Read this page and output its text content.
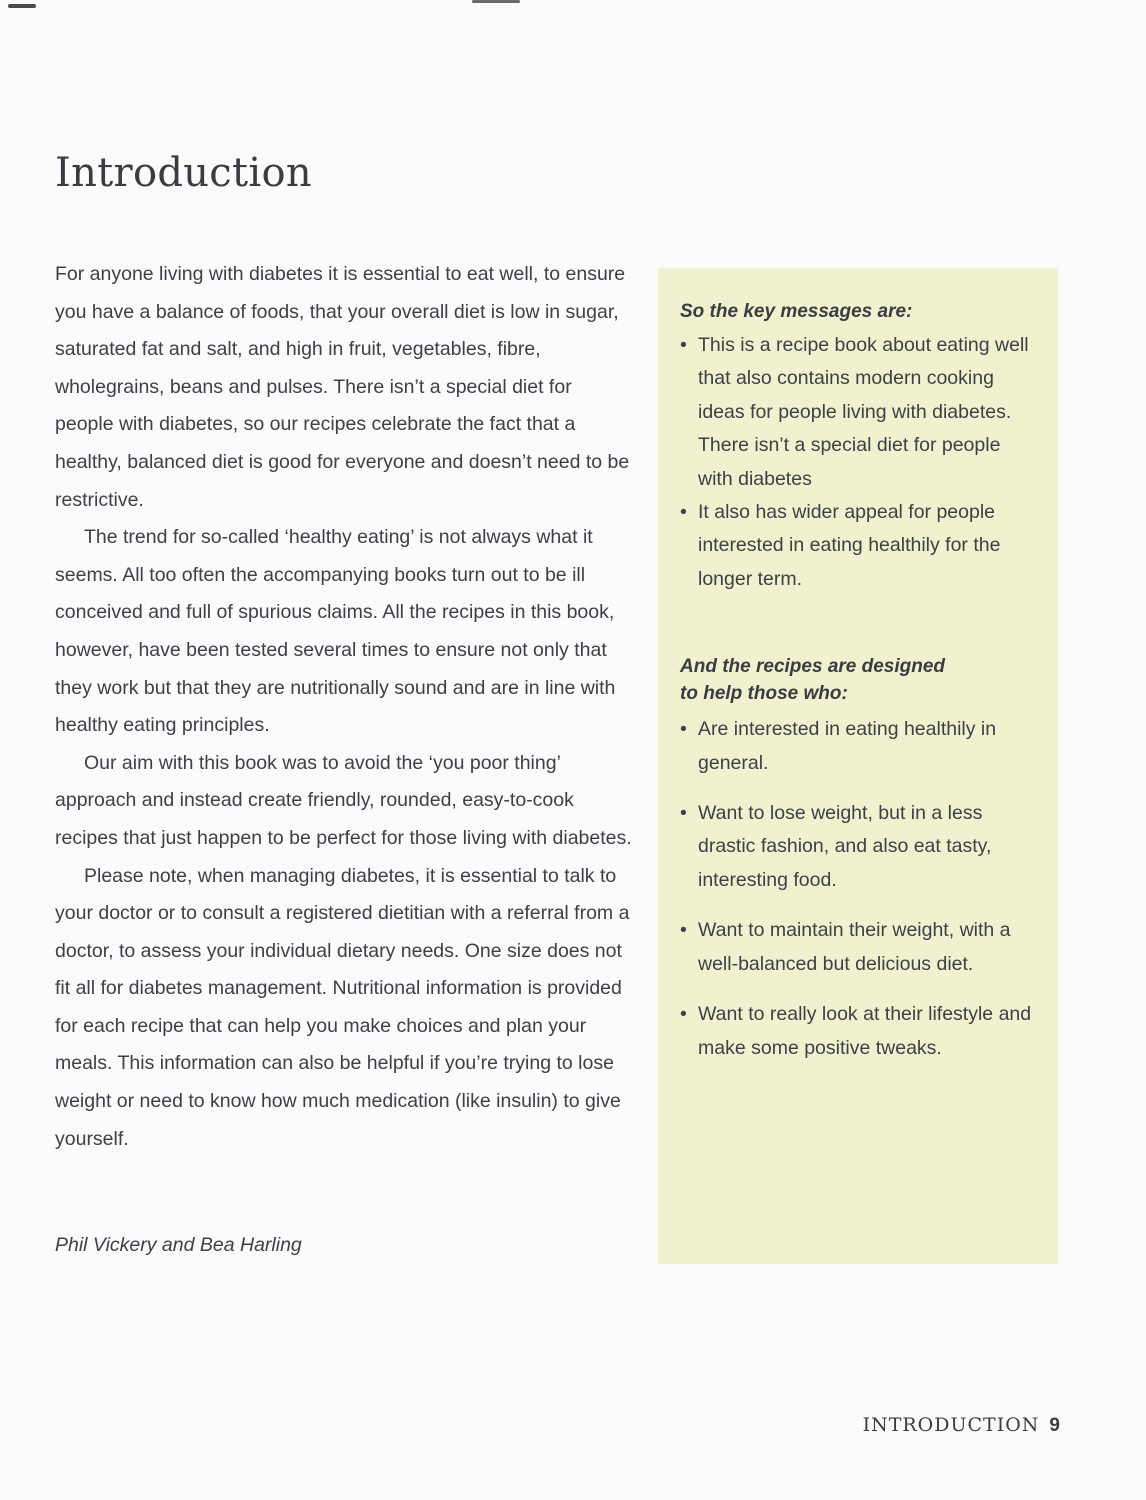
Introduction

For anyone living with diabetes it is essential to eat well, to ensure you have a balance of foods, that your overall diet is low in sugar, saturated fat and salt, and high in fruit, vegetables, fibre, wholegrains, beans and pulses. There isn’t a special diet for people with diabetes, so our recipes celebrate the fact that a healthy, balanced diet is good for everyone and doesn’t need to be restrictive.

The trend for so-called ‘healthy eating’ is not always what it seems. All too often the accompanying books turn out to be ill conceived and full of spurious claims. All the recipes in this book, however, have been tested several times to ensure not only that they work but that they are nutritionally sound and are in line with healthy eating principles.

Our aim with this book was to avoid the ‘you poor thing’ approach and instead create friendly, rounded, easy-to-cook recipes that just happen to be perfect for those living with diabetes.

Please note, when managing diabetes, it is essential to talk to your doctor or to consult a registered dietitian with a referral from a doctor, to assess your individual dietary needs. One size does not fit all for diabetes management. Nutritional information is provided for each recipe that can help you make choices and plan your meals. This information can also be helpful if you’re trying to lose weight or need to know how much medication (like insulin) to give yourself.

Phil Vickery and Bea Harling
So the key messages are:
• This is a recipe book about eating well that also contains modern cooking ideas for people living with diabetes. There isn’t a special diet for people with diabetes
• It also has wider appeal for people interested in eating healthily for the longer term.
And the recipes are designed
to help those who:
• Are interested in eating healthily in general.
• Want to lose weight, but in a less drastic fashion, and also eat tasty, interesting food.
• Want to maintain their weight, with a well-balanced but delicious diet.
• Want to really look at their lifestyle and make some positive tweaks.
INTRODUCTION 9
